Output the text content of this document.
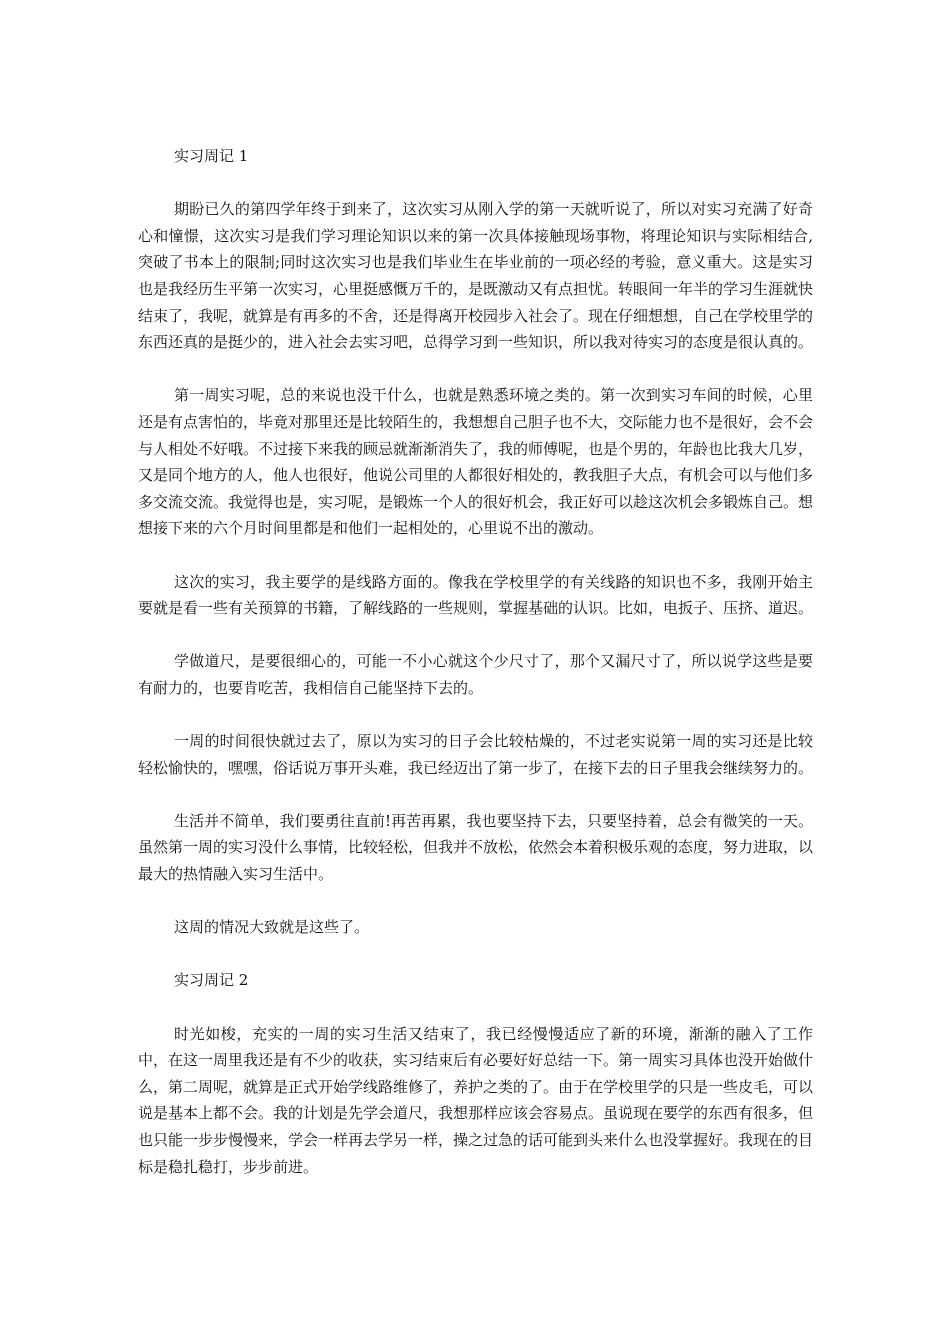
实习周记 1

期盼已久的第四学年终于到来了，这次实习从刚入学的第一天就听说了，所以对实习充满了好奇心和憧憬，这次实习是我们学习理论知识以来的第一次具体接触现场事物，将理论知识与实际相结合,突破了书本上的限制;同时这次实习也是我们毕业生在毕业前的一项必经的考验，意义重大。这是实习也是我经历生平第一次实习，心里挺感慨万千的，是既激动又有点担忧。转眼间一年半的学习生涯就快结束了，我呢，就算是有再多的不舍，还是得离开校园步入社会了。现在仔细想想，自己在学校里学的东西还真的是挺少的，进入社会去实习吧，总得学习到一些知识，所以我对待实习的态度是很认真的。

第一周实习呢，总的来说也没干什么，也就是熟悉环境之类的。第一次到实习车间的时候，心里还是有点害怕的，毕竟对那里还是比较陌生的，我想想自己胆子也不大，交际能力也不是很好，会不会与人相处不好哦。不过接下来我的顾忌就渐渐消失了，我的师傅呢，也是个男的，年龄也比我大几岁，又是同个地方的人，他人也很好，他说公司里的人都很好相处的，教我胆子大点，有机会可以与他们多多交流交流。我觉得也是，实习呢，是锻炼一个人的很好机会，我正好可以趁这次机会多锻炼自己。想想接下来的六个月时间里都是和他们一起相处的，心里说不出的激动。

这次的实习，我主要学的是线路方面的。像我在学校里学的有关线路的知识也不多，我刚开始主要就是看一些有关预算的书籍，了解线路的一些规则，掌握基础的认识。比如，电扳子、压挤、道迟。

学做道尺，是要很细心的，可能一不小心就这个少尺寸了，那个又漏尺寸了，所以说学这些是要有耐力的，也要肯吃苦，我相信自己能坚持下去的。

一周的时间很快就过去了，原以为实习的日子会比较枯燥的，不过老实说第一周的实习还是比较轻松愉快的，嘿嘿，俗话说万事开头难，我已经迈出了第一步了，在接下去的日子里我会继续努力的。

生活并不简单，我们要勇往直前!再苦再累，我也要坚持下去，只要坚持着，总会有微笑的一天。虽然第一周的实习没什么事情，比较轻松，但我并不放松，依然会本着积极乐观的态度，努力进取，以最大的热情融入实习生活中。

这周的情况大致就是这些了。

实习周记 2

时光如梭，充实的一周的实习生活又结束了，我已经慢慢适应了新的环境，渐渐的融入了工作中，在这一周里我还是有不少的收获，实习结束后有必要好好总结一下。第一周实习具体也没开始做什么，第二周呢，就算是正式开始学线路维修了，养护之类的了。由于在学校里学的只是一些皮毛，可以说是基本上都不会。我的计划是先学会道尺，我想那样应该会容易点。虽说现在要学的东西有很多，但也只能一步步慢慢来，学会一样再去学另一样，操之过急的话可能到头来什么也没掌握好。我现在的目标是稳扎稳打，步步前进。
